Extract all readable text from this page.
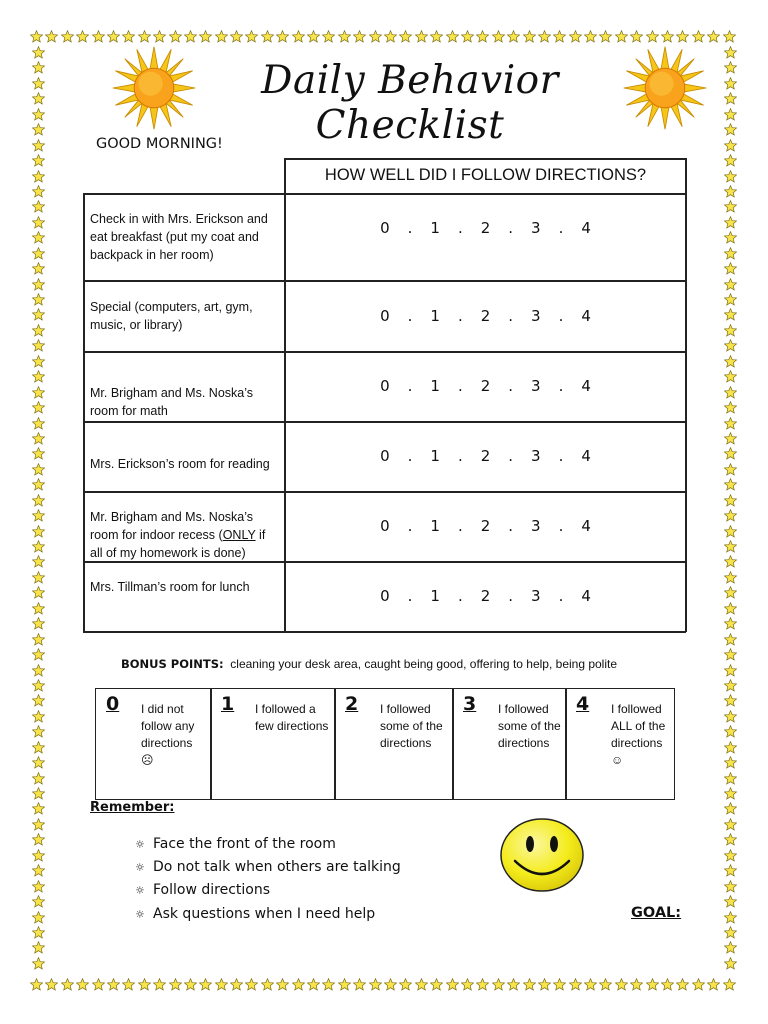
Daily Behavior Checklist
GOOD MORNING!
HOW WELL DID I FOLLOW DIRECTIONS?
Check in with Mrs. Erickson and eat breakfast (put my coat and backpack in her room)
Special (computers, art, gym, music, or library)
Mr. Brigham and Ms. Noska’s room for math
Mrs. Erickson’s room for reading
Mr. Brigham and Ms. Noska’s room for indoor recess (ONLY if all of my homework is done)
Mrs. Tillman’s room for lunch
0 . 1 . 2 . 3 . 4
0 . 1 . 2 . 3 . 4
0 . 1 . 2 . 3 . 4
0 . 1 . 2 . 3 . 4
0 . 1 . 2 . 3 . 4
0 . 1 . 2 . 3 . 4
BONUS POINTS: cleaning your desk area, caught being good, offering to help, being polite
0 I did not follow any directions ☹
1 I followed a few directions
2 I followed some of the directions
3 I followed some of the directions
4 I followed ALL of the directions ☺
Remember:
☼ Face the front of the room
☼ Do not talk when others are talking
☼ Follow directions
☼ Ask questions when I need help	GOAL:
